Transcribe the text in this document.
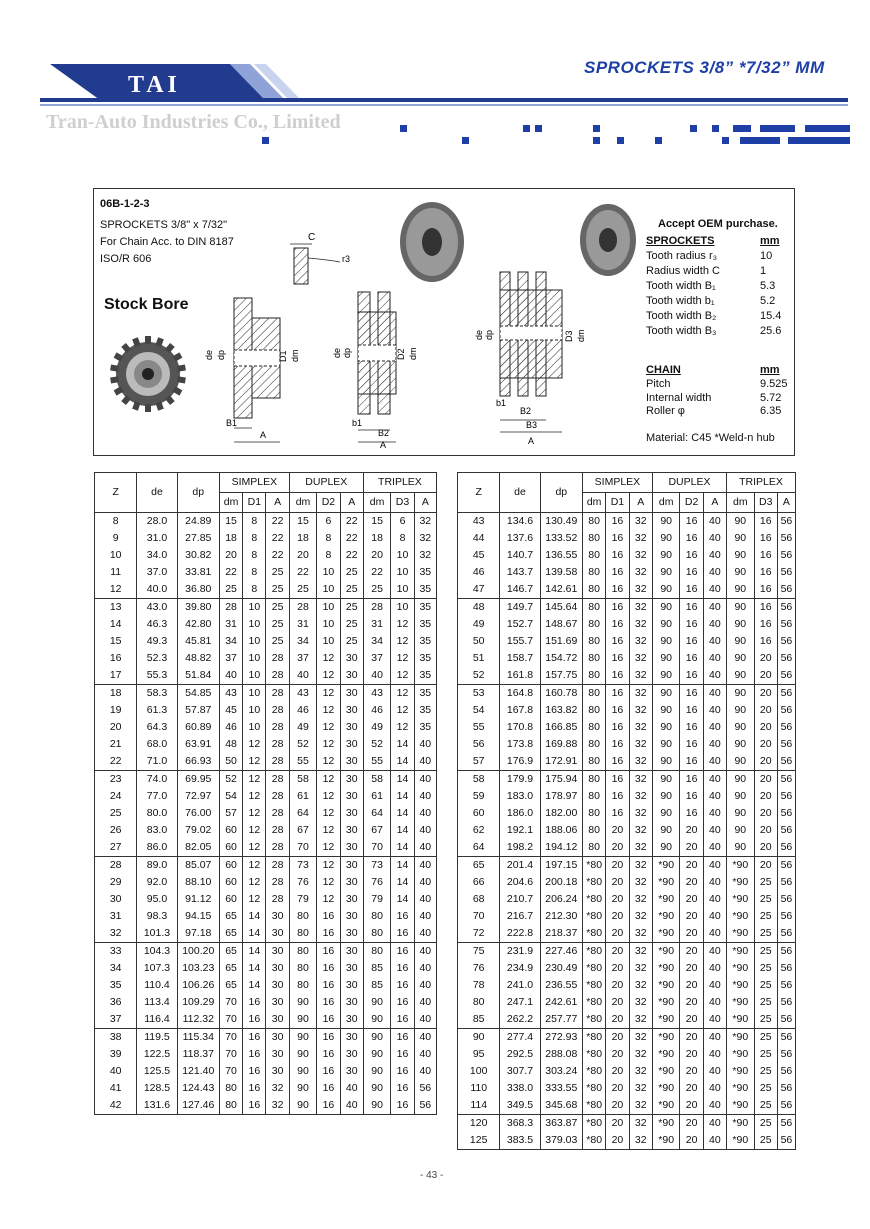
TAI
SPROCKETS 3/8” *7/32” MM
Tran-Auto Industries Co., Limited
06B-1-2-3
SPROCKETS 3/8" x 7/32"
For Chain Acc. to DIN 8187
ISO/R 606
Stock Bore
C
r3
de dp	D1 dm
B1
A
de dp	D2 dm
b1
B2
A
de dp	D3 dm
b1
B2
B3
A
Accept OEM purchase.
SPROCKETS	mm
Tooth radius r₃	10
Radius width C	1
Tooth width B₁	5.3
Tooth width b₁	5.2
Tooth width B₂	15.4
Tooth width B₃	25.6
CHAIN	mm
Pitch	9.525
Internal width	5.72
Roller φ	6.35
Material: C45 *Weld-n hub
Z	de	dp	SIMPLEX			DUPLEX			TRIPLEX		
			dm	D1	A	dm	D2	A	dm	D3	A
8	28.0	24.89	15	8	22	15	6	22	15	6	32
9	31.0	27.85	18	8	22	18	8	22	18	8	32
10	34.0	30.82	20	8	22	20	8	22	20	10	32
11	37.0	33.81	22	8	25	22	10	25	22	10	35
12	40.0	36.80	25	8	25	25	10	25	25	10	35
13	43.0	39.80	28	10	25	28	10	25	28	10	35
14	46.3	42.80	31	10	25	31	10	25	31	12	35
15	49.3	45.81	34	10	25	34	10	25	34	12	35
16	52.3	48.82	37	10	28	37	12	30	37	12	35
17	55.3	51.84	40	10	28	40	12	30	40	12	35
18	58.3	54.85	43	10	28	43	12	30	43	12	35
19	61.3	57.87	45	10	28	46	12	30	46	12	35
20	64.3	60.89	46	10	28	49	12	30	49	12	35
21	68.0	63.91	48	12	28	52	12	30	52	14	40
22	71.0	66.93	50	12	28	55	12	30	55	14	40
23	74.0	69.95	52	12	28	58	12	30	58	14	40
24	77.0	72.97	54	12	28	61	12	30	61	14	40
25	80.0	76.00	57	12	28	64	12	30	64	14	40
26	83.0	79.02	60	12	28	67	12	30	67	14	40
27	86.0	82.05	60	12	28	70	12	30	70	14	40
28	89.0	85.07	60	12	28	73	12	30	73	14	40
29	92.0	88.10	60	12	28	76	12	30	76	14	40
30	95.0	91.12	60	12	28	79	12	30	79	14	40
31	98.3	94.15	65	14	30	80	16	30	80	16	40
32	101.3	97.18	65	14	30	80	16	30	80	16	40
33	104.3	100.20	65	14	30	80	16	30	80	16	40
34	107.3	103.23	65	14	30	80	16	30	85	16	40
35	110.4	106.26	65	14	30	80	16	30	85	16	40
36	113.4	109.29	70	16	30	90	16	30	90	16	40
37	116.4	112.32	70	16	30	90	16	30	90	16	40
38	119.5	115.34	70	16	30	90	16	30	90	16	40
39	122.5	118.37	70	16	30	90	16	30	90	16	40
40	125.5	121.40	70	16	30	90	16	30	90	16	40
41	128.5	124.43	80	16	32	90	16	40	90	16	56
42	131.6	127.46	80	16	32	90	16	40	90	16	56
Z	de	dp	SIMPLEX			DUPLEX			TRIPLEX		
			dm	D1	A	dm	D2	A	dm	D3	A
43	134.6	130.49	80	16	32	90	16	40	90	16	56
44	137.6	133.52	80	16	32	90	16	40	90	16	56
45	140.7	136.55	80	16	32	90	16	40	90	16	56
46	143.7	139.58	80	16	32	90	16	40	90	16	56
47	146.7	142.61	80	16	32	90	16	40	90	16	56
48	149.7	145.64	80	16	32	90	16	40	90	16	56
49	152.7	148.67	80	16	32	90	16	40	90	16	56
50	155.7	151.69	80	16	32	90	16	40	90	16	56
51	158.7	154.72	80	16	32	90	16	40	90	20	56
52	161.8	157.75	80	16	32	90	16	40	90	20	56
53	164.8	160.78	80	16	32	90	16	40	90	20	56
54	167.8	163.82	80	16	32	90	16	40	90	20	56
55	170.8	166.85	80	16	32	90	16	40	90	20	56
56	173.8	169.88	80	16	32	90	16	40	90	20	56
57	176.9	172.91	80	16	32	90	16	40	90	20	56
58	179.9	175.94	80	16	32	90	16	40	90	20	56
59	183.0	178.97	80	16	32	90	16	40	90	20	56
60	186.0	182.00	80	16	32	90	16	40	90	20	56
62	192.1	188.06	80	20	32	90	20	40	90	20	56
64	198.2	194.12	80	20	32	90	20	40	90	20	56
65	201.4	197.15	*80	20	32	*90	20	40	*90	20	56
66	204.6	200.18	*80	20	32	*90	20	40	*90	25	56
68	210.7	206.24	*80	20	32	*90	20	40	*90	25	56
70	216.7	212.30	*80	20	32	*90	20	40	*90	25	56
72	222.8	218.37	*80	20	32	*90	20	40	*90	25	56
75	231.9	227.46	*80	20	32	*90	20	40	*90	25	56
76	234.9	230.49	*80	20	32	*90	20	40	*90	25	56
78	241.0	236.55	*80	20	32	*90	20	40	*90	25	56
80	247.1	242.61	*80	20	32	*90	20	40	*90	25	56
85	262.2	257.77	*80	20	32	*90	20	40	*90	25	56
90	277.4	272.93	*80	20	32	*90	20	40	*90	25	56
95	292.5	288.08	*80	20	32	*90	20	40	*90	25	56
100	307.7	303.24	*80	20	32	*90	20	40	*90	25	56
110	338.0	333.55	*80	20	32	*90	20	40	*90	25	56
114	349.5	345.68	*80	20	32	*90	20	40	*90	25	56
120	368.3	363.87	*80	20	32	*90	20	40	*90	25	56
125	383.5	379.03	*80	20	32	*90	20	40	*90	25	56
- 43 -
